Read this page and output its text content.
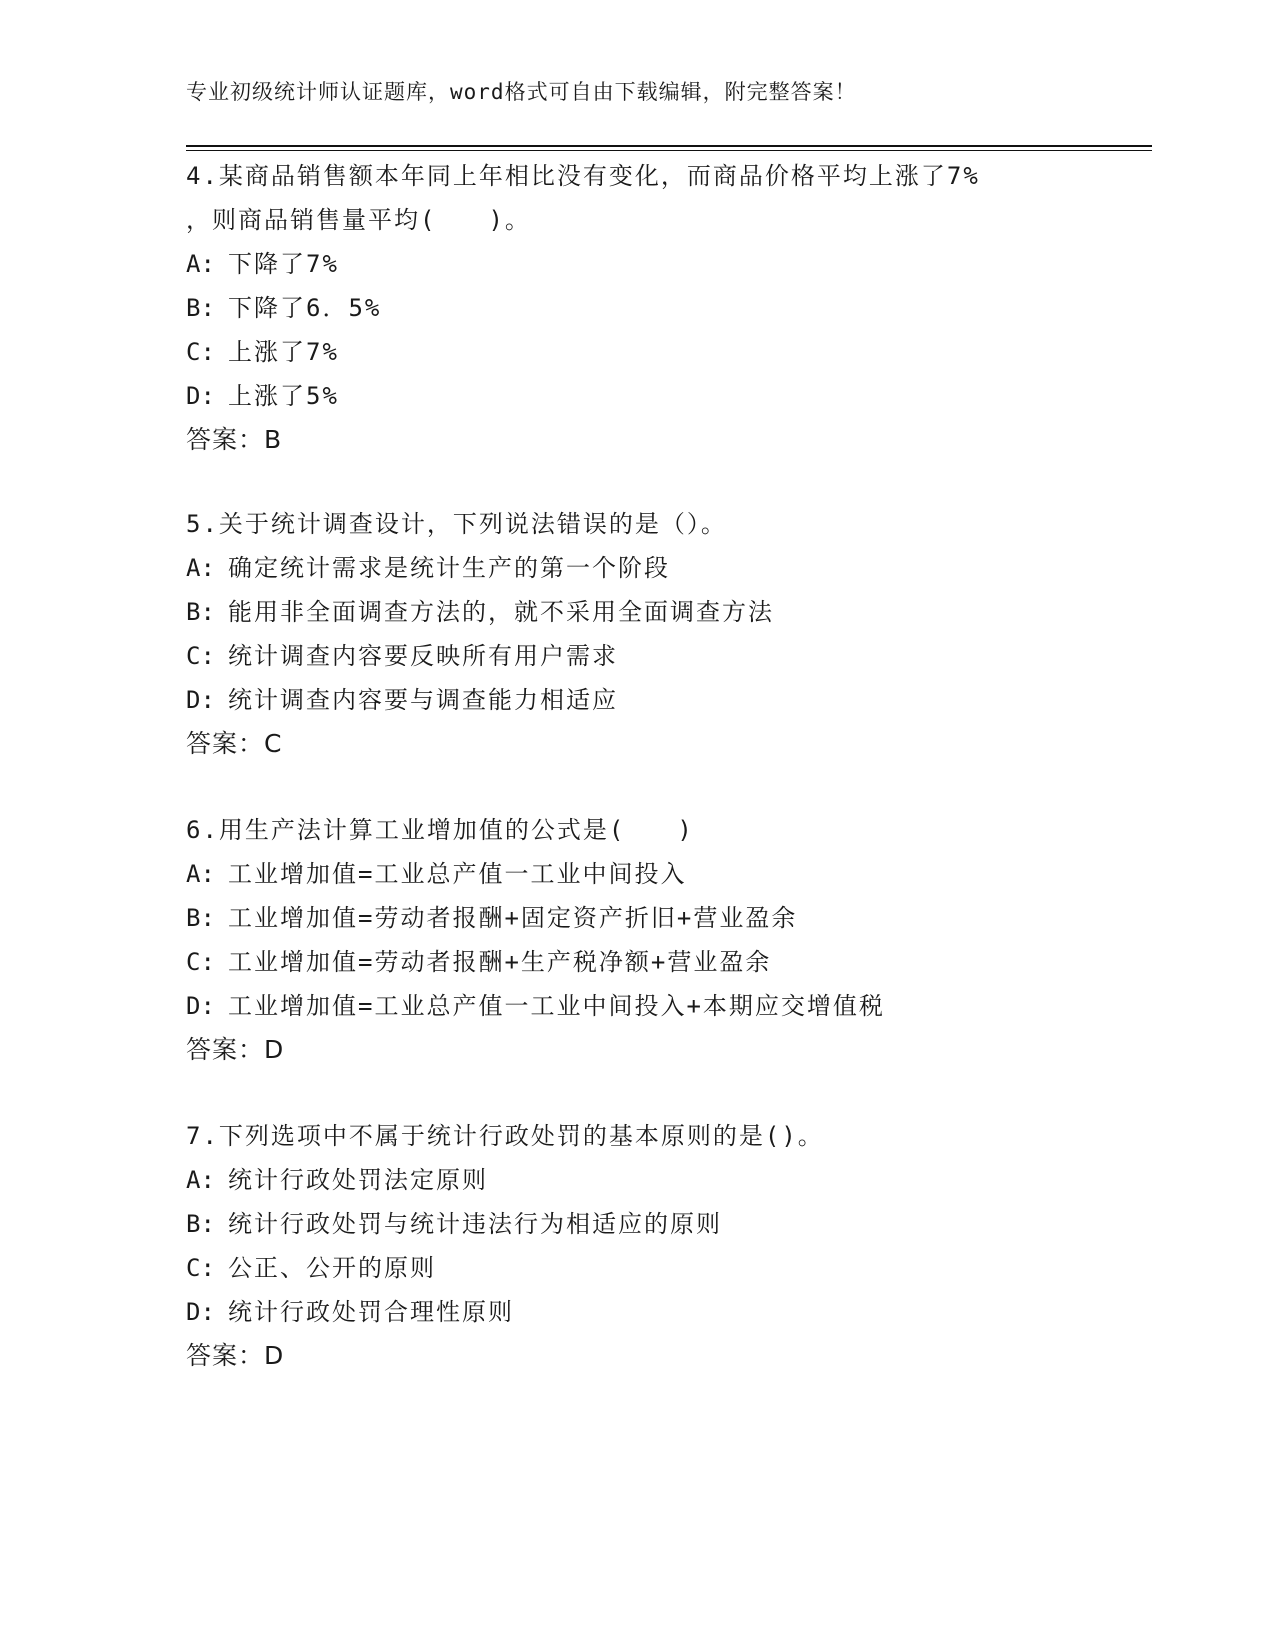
专业初级统计师认证题库，word格式可自由下载编辑，附完整答案！
4.某商品销售额本年同上年相比没有变化，而商品价格平均上涨了7%
，则商品销售量平均(　　)。
A: 下降了7%
B: 下降了6．5%
C: 上涨了7%
D: 上涨了5%
答案：B
5.关于统计调查设计，下列说法错误的是（）。
A: 确定统计需求是统计生产的第一个阶段
B: 能用非全面调查方法的，就不采用全面调查方法
C: 统计调查内容要反映所有用户需求
D: 统计调查内容要与调查能力相适应
答案：C
6.用生产法计算工业增加值的公式是(　　)
A: 工业增加值=工业总产值一工业中间投入
B: 工业增加值=劳动者报酬+固定资产折旧+营业盈余
C: 工业增加值=劳动者报酬+生产税净额+营业盈余
D: 工业增加值=工业总产值一工业中间投入+本期应交增值税
答案：D
7.下列选项中不属于统计行政处罚的基本原则的是()。
A: 统计行政处罚法定原则
B: 统计行政处罚与统计违法行为相适应的原则
C: 公正、公开的原则
D: 统计行政处罚合理性原则
答案：D
